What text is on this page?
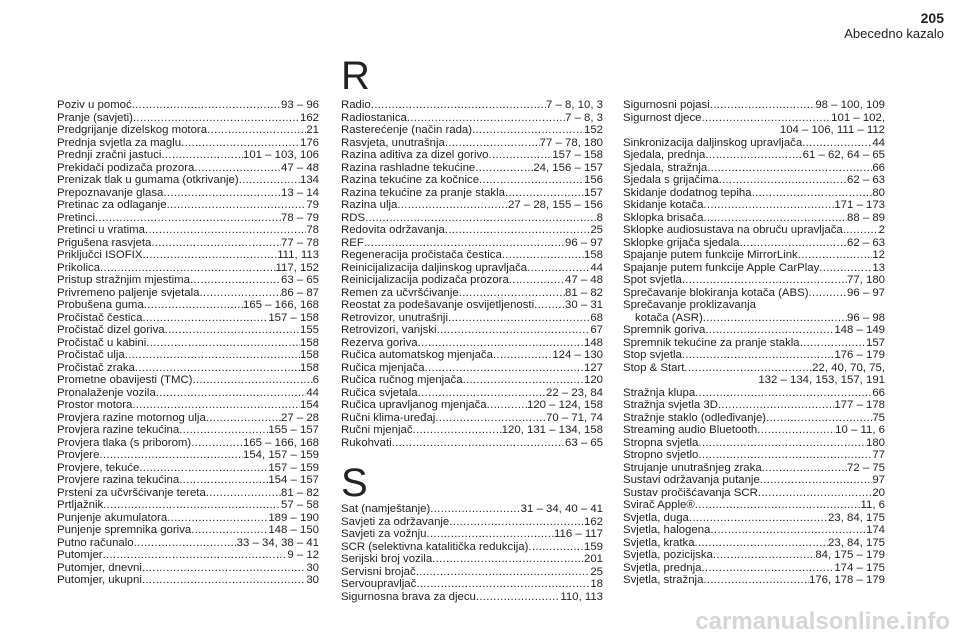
205
Abecedno kazalo
Poziv u pomoć .....	93 – 96
Pranje (savjeti) .....	162
Predgrijanje dizelskog motora .....	21
Prednja svjetla za maglu .....	176
Prednji zračni jastuci .....	101 – 103, 106
Prekidači podizača prozora .....	47 – 48
Prenizak tlak u gumama (otkrivanje) .....	134
Prepoznavanje glasa .....	13 – 14
Pretinac za odlaganje .....	79
Pretinci .....	78 – 79
Pretinci u vratima .....	78
Prigušena rasvjeta .....	77 – 78
Priključci ISOFIX .....	111, 113
Prikolica .....	117, 152
Pristup stražnjim mjestima .....	63 – 65
Privremeno paljenje svjetala .....	86 – 87
Probušena guma .....	165 – 166, 168
Pročistač čestica .....	157 – 158
Pročistač dizel goriva .....	155
Pročistač u kabini .....	158
Pročistač ulja .....	158
Pročistač zraka .....	158
Prometne obavijesti (TMC) .....	6
Pronalaženje vozila .....	44
Prostor motora .....	154
Provjera razine motornog ulja .....	27 – 28
Provjera razine tekućina .....	155 – 157
Provjera tlaka (s priborom) .....	165 – 166, 168
Provjere .....	154, 157 – 159
Provjere, tekuće .....	157 – 159
Provjere razina tekućina .....	154 – 157
Prsteni za učvršćivanje tereta .....	81 – 82
Prtljažnik .....	57 – 58
Punjenje akumulatora .....	189 – 190
Punjenje spremnika goriva .....	148 – 150
Putno računalo .....	33 – 34, 38 – 41
Putomjer .....	9 – 12
Putomjer, dnevni .....	30
Putomjer, ukupni .....	30
R
Radio .....	7 – 8, 10, 3
Radiostanica .....	7 – 8, 3
Rasterećenje (način rada) .....	152
Rasvjeta, unutrašnja .....	77 – 78, 180
Razina aditiva za dizel gorivo .....	157 – 158
Razina rashladne tekućine .....	24, 156 – 157
Razina tekućine za kočnice .....	156
Razina tekućine za pranje stakla .....	157
Razina ulja .....	27 – 28, 155 – 156
RDS .....	8
Redovita održavanja .....	25
REF .....	96 – 97
Regeneracija pročistača čestica .....	158
Reinicijalizacija daljinskog upravljača .....	44
Reinicijalizacija podizača prozora .....	47 – 48
Remen za učvršćivanje .....	81 – 82
Reostat za podešavanje osvijetljenosti .....	30 – 31
Retrovizor, unutrašnji .....	68
Retrovizori, vanjski .....	67
Rezerva goriva .....	148
Ručica automatskog mjenjača .....	124 – 130
Ručica mjenjača .....	127
Ručica ručnog mjenjača .....	120
Ručica svjetala .....	22 – 23, 84
Ručica upravljanog mjenjača .....	120 – 124, 158
Ručni klima-uređaj .....	70 – 71, 74
Ručni mjenjač .....	120, 131 – 134, 158
Rukohvati .....	63 – 65
S
Sat (namještanje) .....	31 – 34, 40 – 41
Savjeti za održavanje .....	162
Savjeti za vožnju .....	116 – 117
SCR (selektivna katalitička redukcija) .....	159
Serijski broj vozila .....	201
Servisni brojač .....	25
Servoupravljač .....	18
Sigurnosna brava za djecu .....	110, 113
Sigurnosni pojasi .....	98 – 100, 109
Sigurnost djece .....	101 – 102,
104 – 106, 111 – 112
Sinkronizacija daljinskog upravljača .....	44
Sjedala, prednja .....	61 – 62, 64 – 65
Sjedala, stražnja .....	66
Sjedala s grijačima .....	62 – 63
Skidanje dodatnog tepiha .....	80
Skidanje kotača .....	171 – 173
Sklopka brisača .....	88 – 89
Sklopke audiosustava na obruču upravljača .....	2
Sklopke grijača sjedala .....	62 – 63
Spajanje putem funkcije MirrorLink .....	12
Spajanje putem funkcije Apple CarPlay .....	13
Spot svjetla .....	77, 180
Sprečavanje blokiranja kotača (ABS) .....	96 – 97
Sprečavanje proklizavanja
kotača (ASR) .....	96 – 98
Spremnik goriva .....	148 – 149
Spremnik tekućine za pranje stakla .....	157
Stop svjetla .....	176 – 179
Stop & Start .....	22, 40, 70, 75,
132 – 134, 153, 157, 191
Stražnja klupa .....	66
Stražnja svjetla 3D .....	177 – 178
Stražnje staklo (odleđivanje) .....	75
Streaming audio Bluetooth .....	10 – 11, 6
Stropna svjetla .....	180
Stropno svjetlo .....	77
Strujanje unutrašnjeg zraka .....	72 – 75
Sustavi održavanja putanje .....	97
Sustav pročišćavanja SCR .....	20
Svirač Apple® .....	11, 6
Svjetla, duga .....	23, 84, 175
Svjetla, halogena .....	174
Svjetla, kratka .....	23, 84, 175
Svjetla, pozicijska .....	84, 175 – 179
Svjetla, prednja .....	174 – 175
Svjetla, stražnja .....	176, 178 – 179
carmanualsonline.info
